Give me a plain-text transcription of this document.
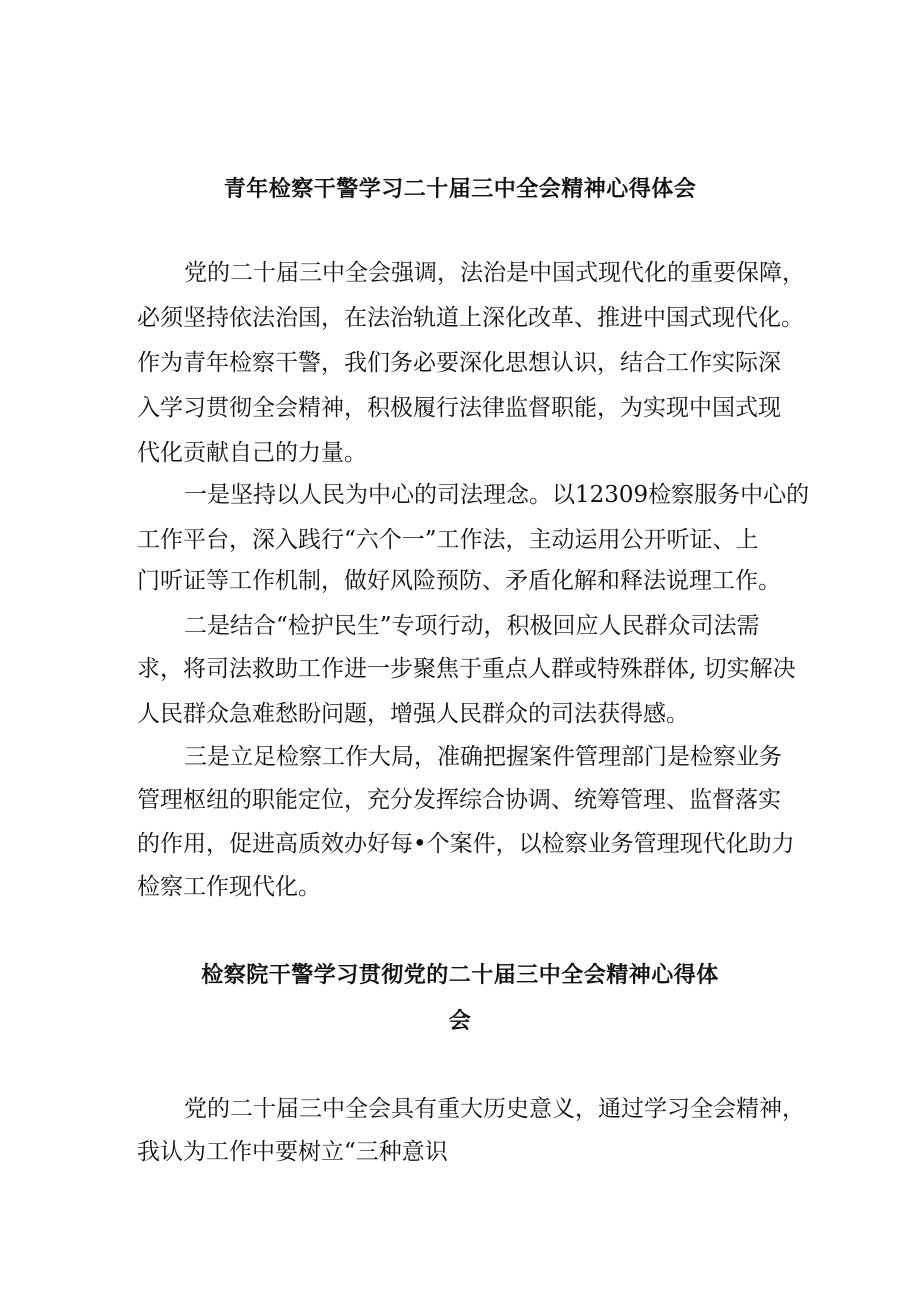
青年检察干警学习二十届三中全会精神心得体会
党的二十届三中全会强调，法治是中国式现代化的重要保障，
必须坚持依法治国，在法治轨道上深化改革、推进中国式现代化。
作为青年检察干警，我们务必要深化思想认识，结合工作实际深
入学习贯彻全会精神，积极履行法律监督职能，为实现中国式现
代化贡献自己的力量。
一是坚持以人民为中心的司法理念。以12309检察服务中心的
工作平台，深入践行“六个一”工作法，主动运用公开听证、上
门听证等工作机制，做好风险预防、矛盾化解和释法说理工作。
二是结合“检护民生”专项行动，积极回应人民群众司法需
求，将司法救助工作进一步聚焦于重点人群或特殊群体, 切实解决
人民群众急难愁盼问题，增强人民群众的司法获得感。
三是立足检察工作大局，准确把握案件管理部门是检察业务
管理枢纽的职能定位，充分发挥综合协调、统筹管理、监督落实
的作用，促进高质效办好每•个案件，以检察业务管理现代化助力
检察工作现代化。
检察院干警学习贯彻党的二十届三中全会精神心得体
会
党的二十届三中全会具有重大历史意义，通过学习全会精神，
我认为工作中要树立“三种意识
